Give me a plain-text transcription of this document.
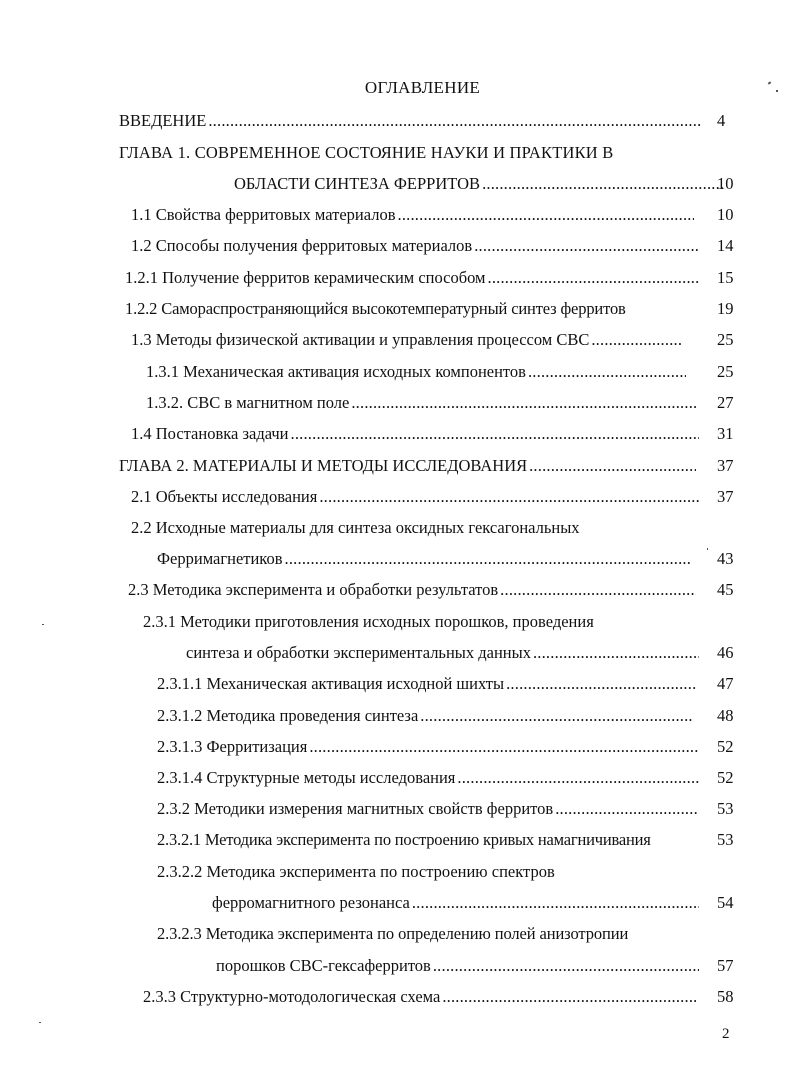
ОГЛАВЛЕНИЕ
ВВЕДЕНИЕ .....	4
ГЛАВА 1. СОВРЕМЕННОЕ СОСТОЯНИЕ НАУКИ И ПРАКТИКИ В
ОБЛАСТИ СИНТЕЗА ФЕРРИТОВ .....	10
1.1 Свойства ферритовых материалов .....	10
1.2 Способы получения ферритовых материалов .....	14
1.2.1 Получение ферритов керамическим способом .....	15
1.2.2 Самораспространяющийся высокотемпературный синтез ферритов	19
1.3 Методы физической активации и управления процессом СВС .....	25
1.3.1 Механическая активация исходных компонентов .....	25
1.3.2. СВС в магнитном поле .....	27
1.4 Постановка задачи .....	31
ГЛАВА 2. МАТЕРИАЛЫ И МЕТОДЫ ИССЛЕДОВАНИЯ .....	37
2.1 Объекты исследования .....	37
2.2 Исходные материалы для синтеза оксидных гексагональных
Ферримагнетиков .....	43
2.3 Методика эксперимента и обработки результатов .....	45
2.3.1 Методики приготовления исходных порошков, проведения
синтеза и обработки экспериментальных данных .....	46
2.3.1.1 Механическая активация исходной шихты .....	47
2.3.1.2 Методика проведения синтеза .....	48
2.3.1.3 Ферритизация .....	52
2.3.1.4 Структурные методы исследования .....	52
2.3.2 Методики измерения магнитных свойств ферритов .....	53
2.3.2.1 Методика эксперимента по построению кривых намагничивания	53
2.3.2.2 Методика эксперимента по построению спектров
ферромагнитного резонанса .....	54
2.3.2.3 Методика эксперимента по определению полей анизотропии
порошков СВС-гексаферритов .....	57
2.3.3 Структурно-мотодологическая схема .....	58
2
